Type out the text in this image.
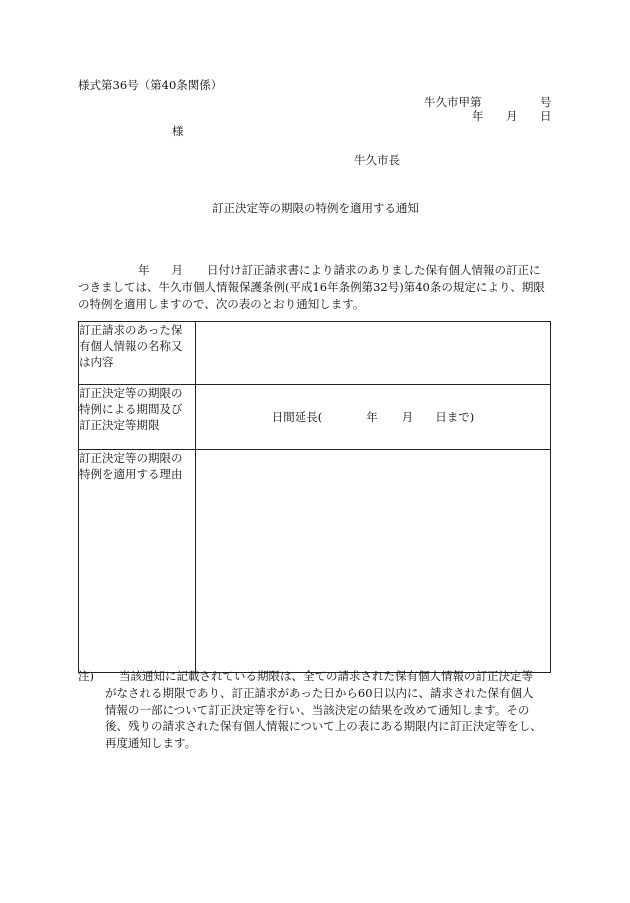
様式第36号（第40条関係）
牛久市甲第	号
年 月 日
様
牛久市長
訂正決定等の期限の特例を適用する通知
年 月 日付け訂正請求書により請求のありました保有個人情報の訂正に
つきましては、牛久市個人情報保護条例(平成16年条例第32号)第40条の規定により、期限
の特例を適用しますので、次の表のとおり通知します。
訂正請求のあった保
有個人情報の名称又
は内容	

訂正決定等の期限の
特例による期間及び
訂正決定等期限	日間延長( 年 月 日まで)

訂正決定等の期限の
特例を適用する理由	

注)	当該通知に記載されている期限は、全ての請求された保有個人情報の訂正決定等
がなされる期限であり、訂正請求があった日から60日以内に、請求された保有個人
情報の一部について訂正決定等を行い、当該決定の結果を改めて通知します。その
後、残りの請求された保有個人情報について上の表にある期限内に訂正決定等をし、
再度通知します。
